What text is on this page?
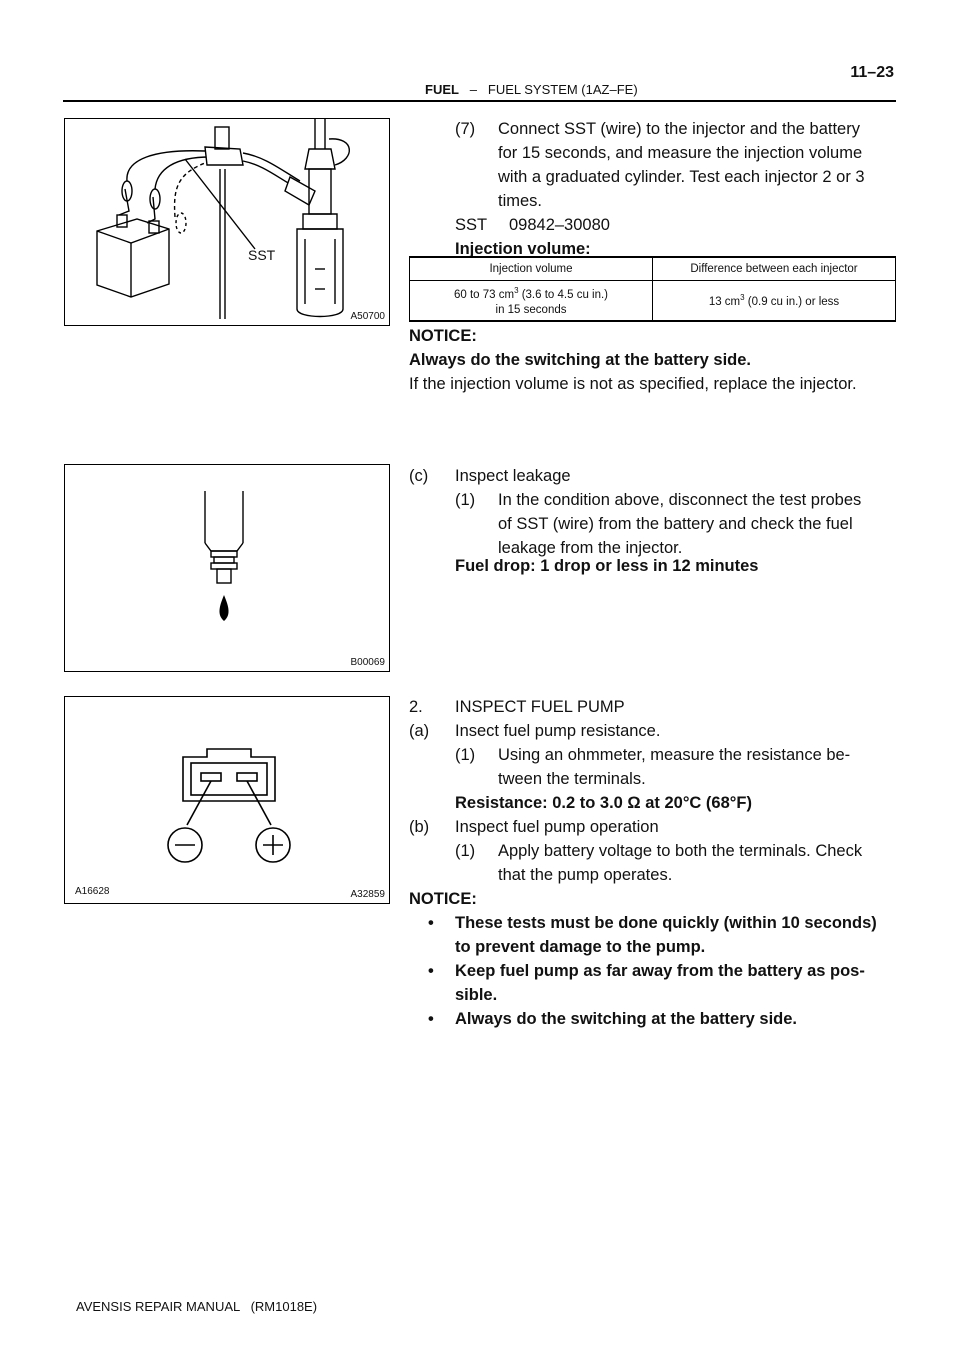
FUEL – FUEL SYSTEM (1AZ–FE)
11–23
SST
A50700
(7) Connect SST (wire) to the injector and the battery
for 15 seconds, and measure the injection volume
with a graduated cylinder. Test each injector 2 or 3
times.
SST 09842–30080
Injection volume:
Injection volume	Difference between each injector
60 to 73 $cm^3$ (3.6 to 4.5 cu in.)
in 15 seconds	13 $cm^3$ (0.9 cu in.) or less
NOTICE:
Always do the switching at the battery side.
If the injection volume is not as specified, replace the injector.
B00069
(c) Inspect leakage
(1) In the condition above, disconnect the test probes
of SST (wire) from the battery and check the fuel
leakage from the injector.
Fuel drop: 1 drop or less in 12 minutes
A16628	A32859
2. INSPECT FUEL PUMP
(a) Insect fuel pump resistance.
(1) Using an ohmmeter, measure the resistance be-
tween the terminals.
Resistance: 0.2 to 3.0 Ω at 20°C (68°F)
(b) Inspect fuel pump operation
(1) Apply battery voltage to both the terminals. Check
that the pump operates.
NOTICE:
• These tests must be done quickly (within 10 seconds)
to prevent damage to the pump.
• Keep fuel pump as far away from the battery as pos-
sible.
• Always do the switching at the battery side.
AVENSIS REPAIR MANUAL   (RM1018E)
